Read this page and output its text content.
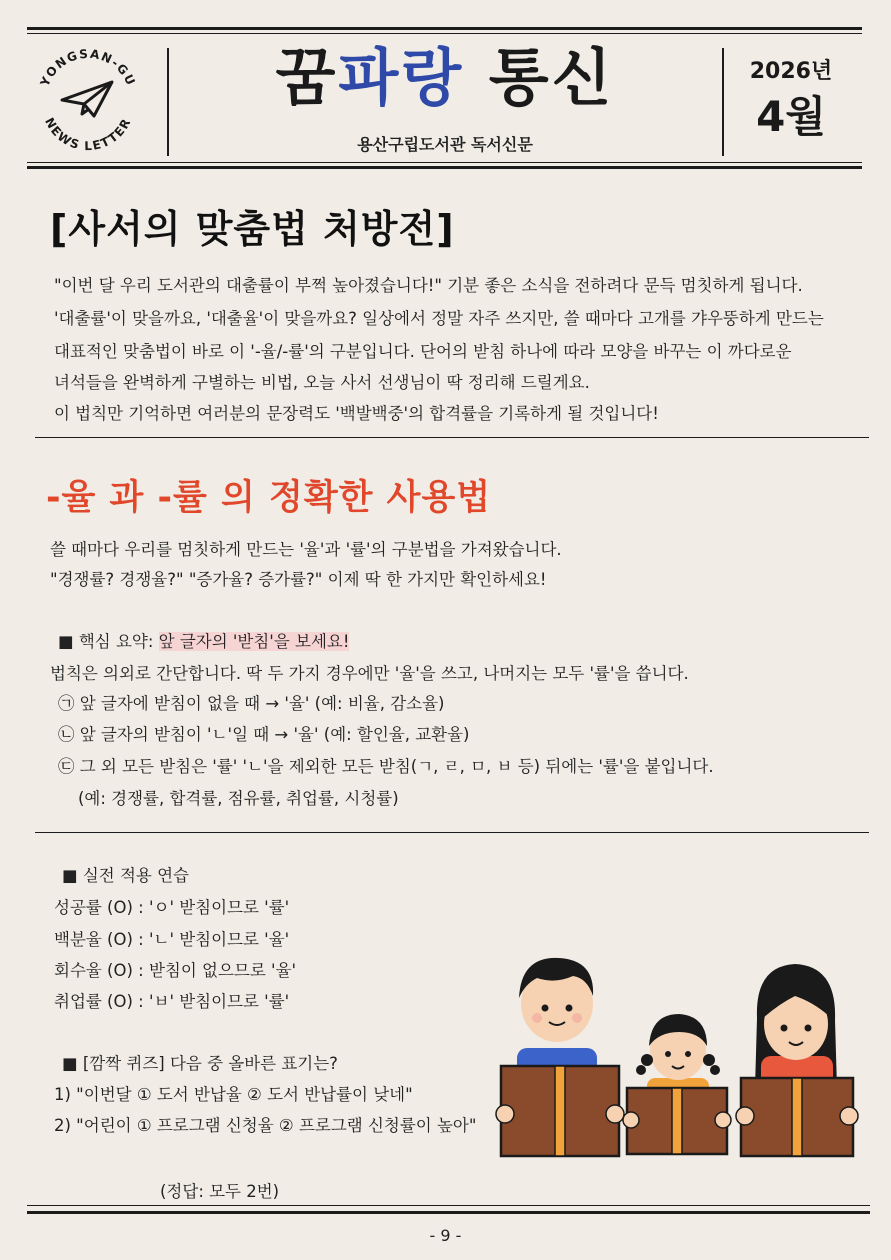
YONGSAN-GU
NEWS LETTER
꿈파랑 통신
용산구립도서관 독서신문
2026년
4월
[사서의 맞춤법 처방전]
"이번 달 우리 도서관의 대출률이 부쩍 높아졌습니다!" 기분 좋은 소식을 전하려다 문득 멈칫하게 됩니다.
'대출률'이 맞을까요, '대출율'이 맞을까요? 일상에서 정말 자주 쓰지만, 쓸 때마다 고개를 갸우뚱하게 만드는
대표적인 맞춤법이 바로 이 '-율/-률'의 구분입니다. 단어의 받침 하나에 따라 모양을 바꾸는 이 까다로운
녀석들을 완벽하게 구별하는 비법, 오늘 사서 선생님이 딱 정리해 드릴게요.
이 법칙만 기억하면 여러분의 문장력도 '백발백중'의 합격률을 기록하게 될 것입니다!
-율 과 -률 의 정확한 사용법
쓸 때마다 우리를 멈칫하게 만드는 '율'과 '률'의 구분법을 가져왔습니다.
"경쟁률? 경쟁율?" "증가율? 증가률?" 이제 딱 한 가지만 확인하세요!
■ 핵심 요약: 앞 글자의 '받침'을 보세요!
법칙은 의외로 간단합니다. 딱 두 가지 경우에만 '율'을 쓰고, 나머지는 모두 '률'을 씁니다.
㉠ 앞 글자에 받침이 없을 때 → '율' (예: 비율, 감소율)
㉡ 앞 글자의 받침이 'ㄴ'일 때 → '율' (예: 할인율, 교환율)
㉢ 그 외 모든 받침은 '률' 'ㄴ'을 제외한 모든 받침(ㄱ, ㄹ, ㅁ, ㅂ 등) 뒤에는 '률'을 붙입니다.
(예: 경쟁률, 합격률, 점유률, 취업률, 시청률)
■ 실전 적용 연습
성공률 (O) : 'ㅇ' 받침이므로 '률'
백분율 (O) : 'ㄴ' 받침이므로 '율'
회수율 (O) : 받침이 없으므로 '율'
취업률 (O) : 'ㅂ' 받침이므로 '률'
■ [깜짝 퀴즈] 다음 중 올바른 표기는?
1) "이번달 ① 도서 반납율 ② 도서 반납률이 낮네"
2) "어린이 ① 프로그램 신청율 ② 프로그램 신청률이 높아"
(정답: 모두 2번)
- 9 -
